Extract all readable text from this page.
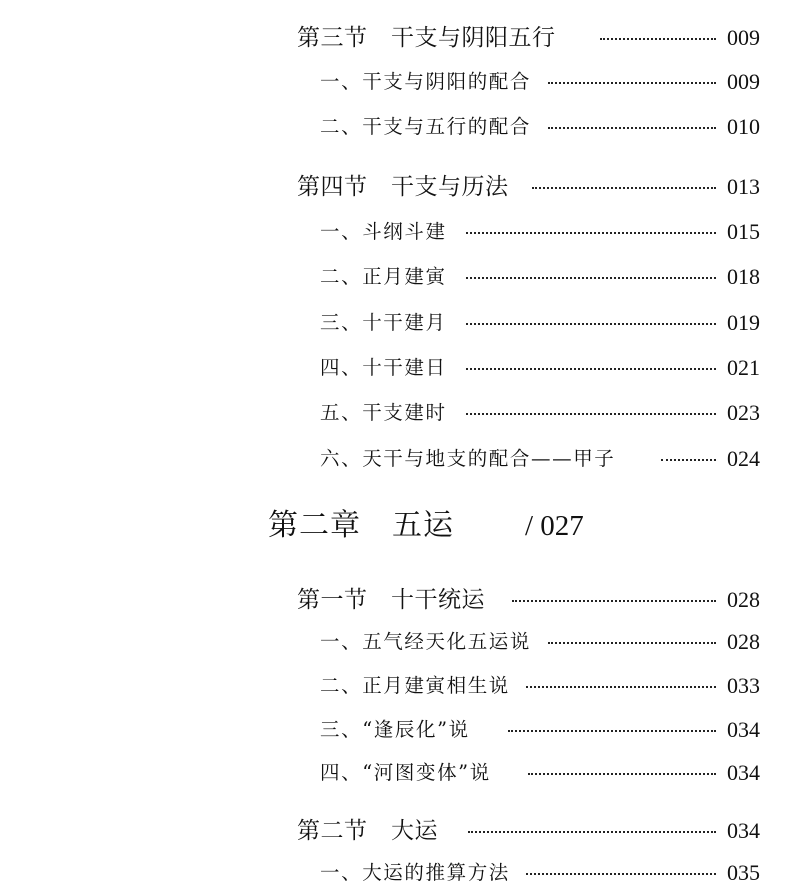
第三节　干支与阴阳五行	009
一、干支与阴阳的配合	009
二、干支与五行的配合	010
第四节　干支与历法	013
一、斗纲斗建	015
二、正月建寅	018
三、十干建月	019
四、十干建日	021
五、干支建时	023
六、天干与地支的配合——甲子	024
第二章　五运 / 027
第一节　十干统运	028
一、五气经天化五运说	028
二、正月建寅相生说	033
三、“逢辰化”说	034
四、“河图变体”说	034
第二节　大运	034
一、大运的推算方法	035
